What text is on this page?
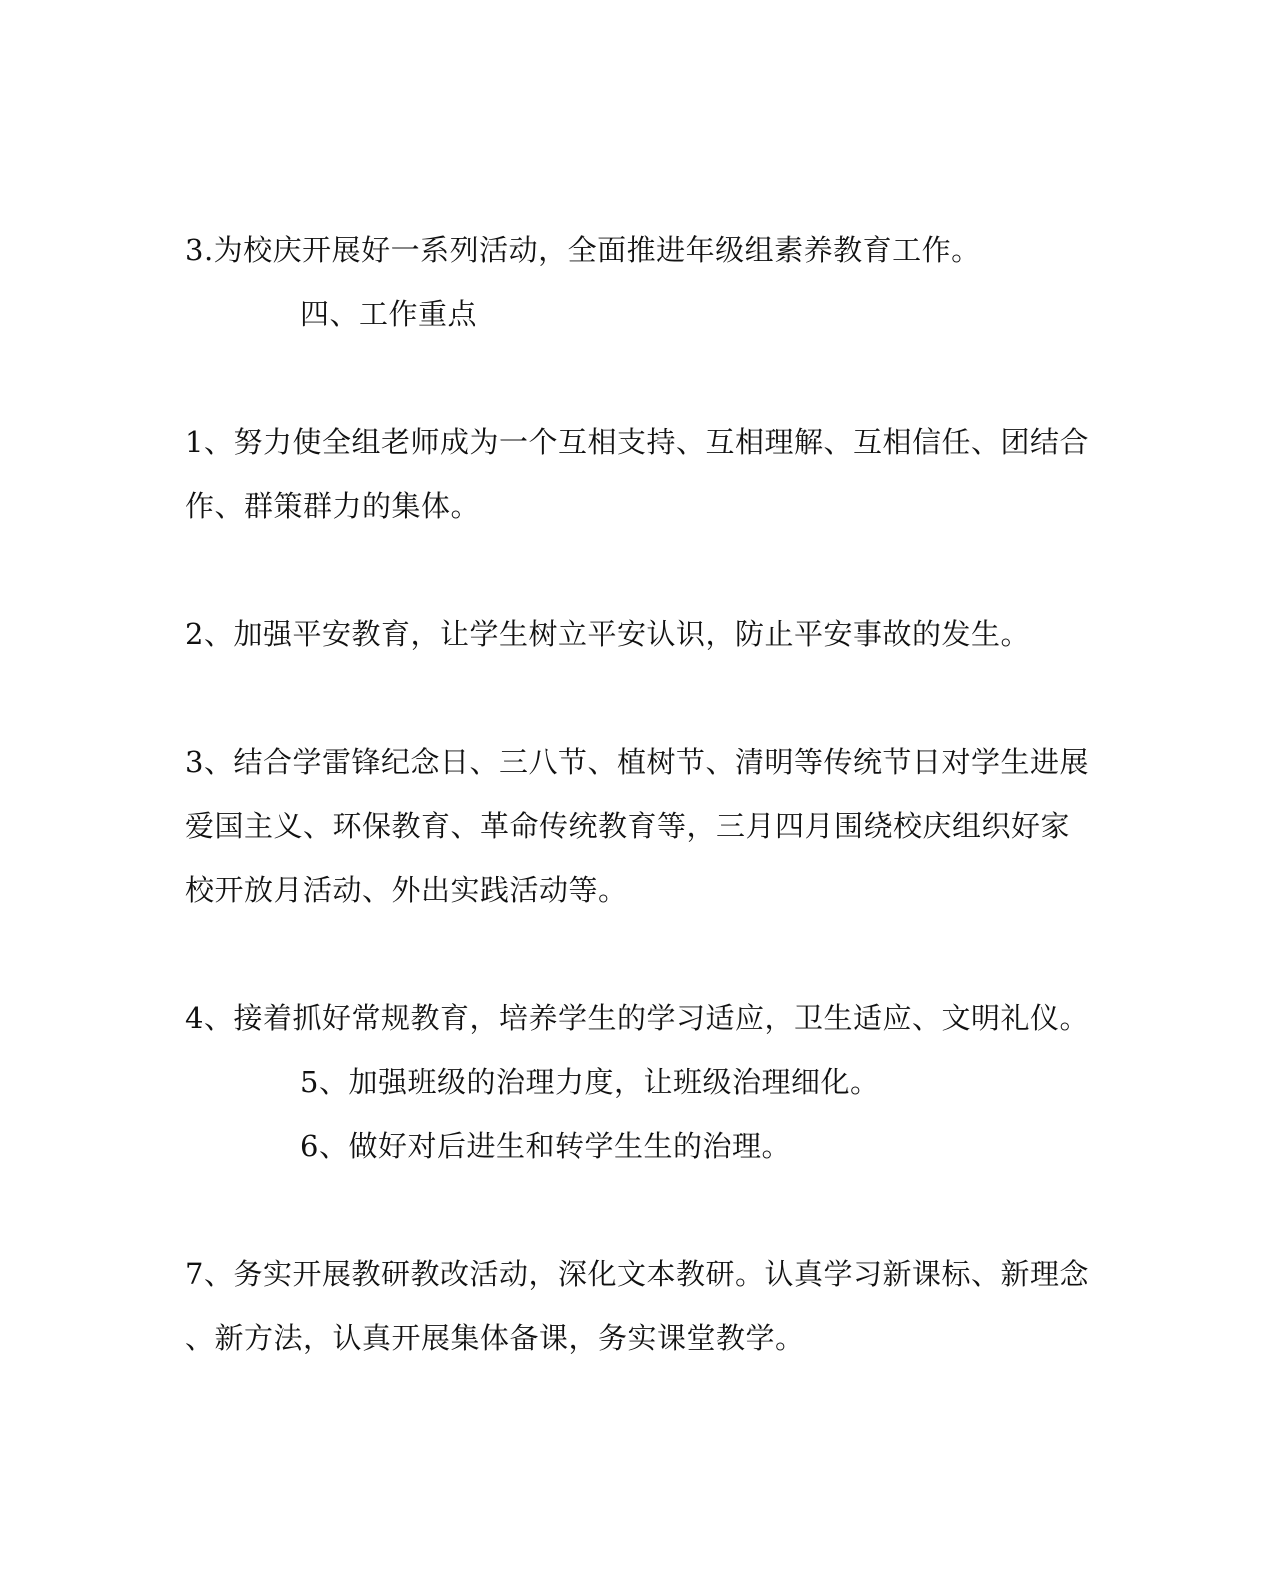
3.为校庆开展好一系列活动，全面推进年级组素养教育工作。
四、工作重点
1、努力使全组老师成为一个互相支持、互相理解、互相信任、团结合
作、群策群力的集体。
2、加强平安教育，让学生树立平安认识，防止平安事故的发生。
3、结合学雷锋纪念日、三八节、植树节、清明等传统节日对学生进展
爱国主义、环保教育、革命传统教育等，三月四月围绕校庆组织好家
校开放月活动、外出实践活动等。
4、接着抓好常规教育，培养学生的学习适应，卫生适应、文明礼仪。
5、加强班级的治理力度，让班级治理细化。
6、做好对后进生和转学生生的治理。
7、务实开展教研教改活动，深化文本教研。认真学习新课标、新理念
、新方法，认真开展集体备课，务实课堂教学。
